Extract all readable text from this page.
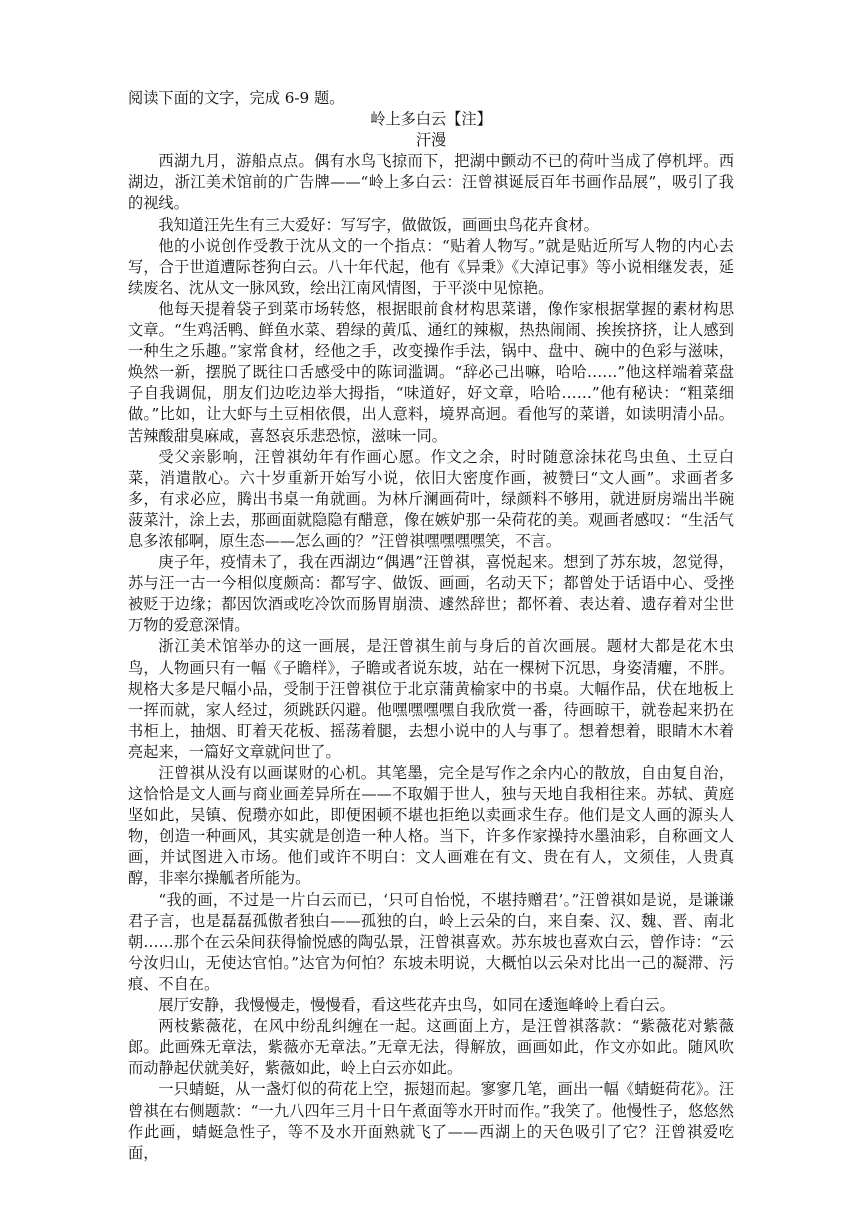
阅读下面的文字，完成 6-9 题。

岭上多白云【注】

汗漫

西湖九月，游船点点。偶有水鸟飞掠而下，把湖中颤动不已的荷叶当成了停机坪。西湖边，浙江美术馆前的广告牌——“岭上多白云：汪曾祺诞辰百年书画作品展”，吸引了我的视线。

我知道汪先生有三大爱好：写写字，做做饭，画画虫鸟花卉食材。

他的小说创作受教于沈从文的一个指点：“贴着人物写。”就是贴近所写人物的内心去写，合于世道遭际苍狗白云。八十年代起，他有《异秉》《大淖记事》等小说相继发表，延续废名、沈从文一脉风致，绘出江南风情图，于平淡中见惊艳。

他每天提着袋子到菜市场转悠，根据眼前食材构思菜谱，像作家根据掌握的素材构思文章。“生鸡活鸭、鲜鱼水菜、碧绿的黄瓜、通红的辣椒，热热闹闹、挨挨挤挤，让人感到一种生之乐趣。”家常食材，经他之手，改变操作手法，锅中、盘中、碗中的色彩与滋味，焕然一新，摆脱了既往口舌感受中的陈词滥调。“辞必己出嘛，哈哈……”他这样端着菜盘子自我调侃，朋友们边吃边举大拇指，“味道好，好文章，哈哈……”他有秘诀：“粗菜细做。”比如，让大虾与土豆相依偎，出人意料，境界高迥。看他写的菜谱，如读明清小品。苦辣酸甜臭麻咸，喜怒哀乐悲恐惊，滋味一同。

受父亲影响，汪曾祺幼年有作画心愿。作文之余，时时随意涂抹花鸟虫鱼、土豆白菜，消遣散心。六十岁重新开始写小说，依旧大密度作画，被赞曰“文人画”。求画者多多，有求必应，腾出书桌一角就画。为林斤澜画荷叶，绿颜料不够用，就进厨房端出半碗菠菜汁，涂上去，那画面就隐隐有醋意，像在嫉妒那一朵荷花的美。观画者感叹：“生活气息多浓郁啊，原生态——怎么画的？”汪曾祺嘿嘿嘿嘿笑，不言。

庚子年，疫情未了，我在西湖边“偶遇”汪曾祺，喜悦起来。想到了苏东坡，忽觉得，苏与汪一古一今相似度颇高：都写字、做饭、画画，名动天下；都曾处于话语中心、受挫被贬于边缘；都因饮酒或吃冷饮而肠胃崩溃、遽然辞世；都怀着、表达着、遗存着对尘世万物的爱意深情。

浙江美术馆举办的这一画展，是汪曾祺生前与身后的首次画展。题材大都是花木虫鸟，人物画只有一幅《子瞻样》，子瞻或者说东坡，站在一棵树下沉思，身姿清癯，不胖。规格大多是尺幅小品，受制于汪曾祺位于北京蒲黄榆家中的书桌。大幅作品，伏在地板上一挥而就，家人经过，须跳跃闪避。他嘿嘿嘿嘿自我欣赏一番，待画晾干，就卷起来扔在书柜上，抽烟、盯着天花板、摇荡着腿，去想小说中的人与事了。想着想着，眼睛木木着亮起来，一篇好文章就问世了。

汪曾祺从没有以画谋财的心机。其笔墨，完全是写作之余内心的散放，自由复自治，这恰恰是文人画与商业画差异所在——不取媚于世人，独与天地自我相往来。苏轼、黄庭坚如此，吴镇、倪瓒亦如此，即便困顿不堪也拒绝以卖画求生存。他们是文人画的源头人物，创造一种画风，其实就是创造一种人格。当下，许多作家操持水墨油彩，自称画文人画，并试图进入市场。他们或许不明白：文人画难在有文、贵在有人，文须佳，人贵真醇，非率尔操觚者所能为。

“我的画，不过是一片白云而已，‘只可自怡悦，不堪持赠君’。”汪曾祺如是说，是谦谦君子言，也是磊磊孤傲者独白——孤独的白，岭上云朵的白，来自秦、汉、魏、晋、南北朝……那个在云朵间获得愉悦感的陶弘景，汪曾祺喜欢。苏东坡也喜欢白云，曾作诗：“云兮汝归山，无使达官怕。”达官为何怕？东坡未明说，大概怕以云朵对比出一己的凝滞、污痕、不自在。

展厅安静，我慢慢走，慢慢看，看这些花卉虫鸟，如同在逶迤峰岭上看白云。

两枝紫薇花，在风中纷乱纠缠在一起。这画面上方，是汪曾祺落款：“紫薇花对紫薇郎。此画殊无章法，紫薇亦无章法。”无章无法，得解放，画画如此，作文亦如此。随风吹而动静起伏就美好，紫薇如此，岭上白云亦如此。

一只蜻蜓，从一盏灯似的荷花上空，振翅而起。寥寥几笔，画出一幅《蜻蜓荷花》。汪曾祺在右侧题款：“一九八四年三月十日午煮面等水开时而作。”我笑了。他慢性子，悠悠然作此画，蜻蜓急性子，等不及水开面熟就飞了——西湖上的天色吸引了它？汪曾祺爱吃面，
